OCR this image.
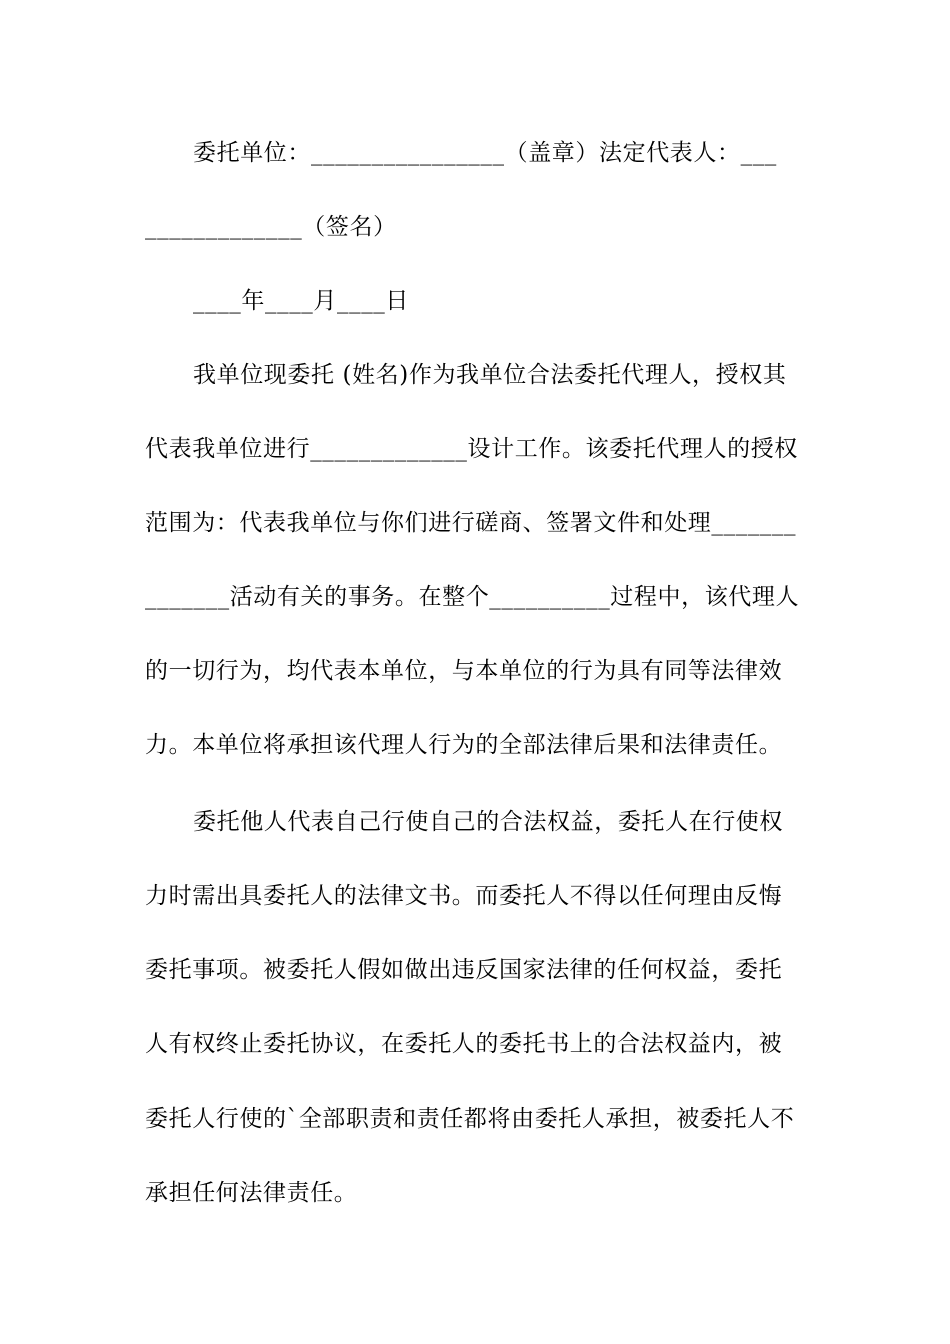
委托单位：________________（盖章）法定代表人：___
_____________（签名）
____年____月____日
我单位现委托 (姓名)作为我单位合法委托代理人，授权其
代表我单位进行_____________设计工作。该委托代理人的授权
范围为：代表我单位与你们进行磋商、签署文件和处理_______
_______活动有关的事务。在整个__________过程中，该代理人
的一切行为，均代表本单位，与本单位的行为具有同等法律效
力。本单位将承担该代理人行为的全部法律后果和法律责任。
委托他人代表自己行使自己的合法权益，委托人在行使权
力时需出具委托人的法律文书。而委托人不得以任何理由反悔
委托事项。被委托人假如做出违反国家法律的任何权益，委托
人有权终止委托协议，在委托人的委托书上的合法权益内，被
委托人行使的`全部职责和责任都将由委托人承担，被委托人不
承担任何法律责任。
